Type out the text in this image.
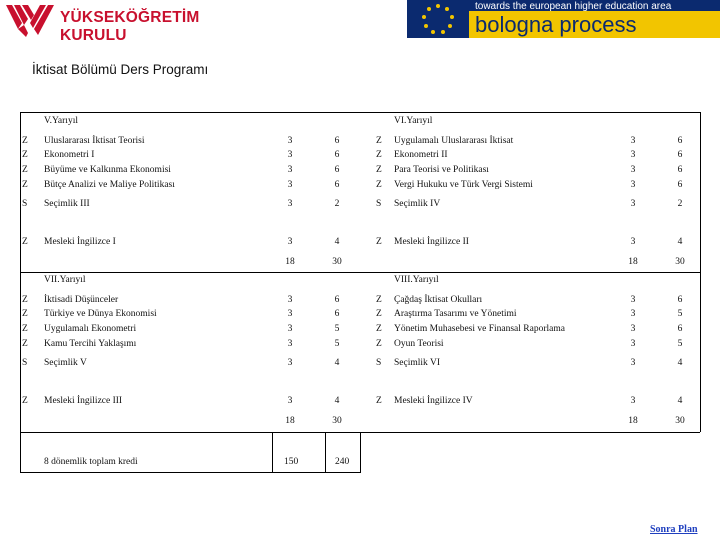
YÜKSEKÖĞRETİM KURULU
towards the european higher education area
bologna process
İktisat Bölümü Ders Programı
V.Yarıyıl
Z Uluslararası İktisat Teorisi	3	6
Z Ekonometri I	3	6
Z Büyüme ve Kalkınma Ekonomisi	3	6
Z Bütçe Analizi ve Maliye Politikası	3	6
S Seçimlik III	3	2
Z Mesleki İngilizce I	3	4
18	30
VI.Yarıyıl
Z Uygulamalı Uluslararası İktisat	3	6
Z Ekonometri II	3	6
Z Para Teorisi ve Politikası	3	6
Z Vergi Hukuku ve Türk Vergi Sistemi	3	6
S Seçimlik IV	3	2
Z Mesleki İngilizce II	3	4
18	30
VII.Yarıyıl
Z İktisadi Düşünceler	3	6
Z Türkiye ve Dünya Ekonomisi	3	6
Z Uygulamalı Ekonometri	3	5
Z Kamu Tercihi Yaklaşımı	3	5
S Seçimlik V	3	4
Z Mesleki İngilizce III	3	4
18	30
VIII.Yarıyıl
Z Çağdaş İktisat Okulları	3	6
Z Araştırma Tasarımı ve Yönetimi	3	5
Z Yönetim Muhasebesi ve Finansal Raporlama	3	6
Z Oyun Teorisi	3	5
S Seçimlik VI	3	4
Z Mesleki İngilizce IV	3	4
18	30
8 dönemlik toplam kredi	150	240
Sonra Plan
